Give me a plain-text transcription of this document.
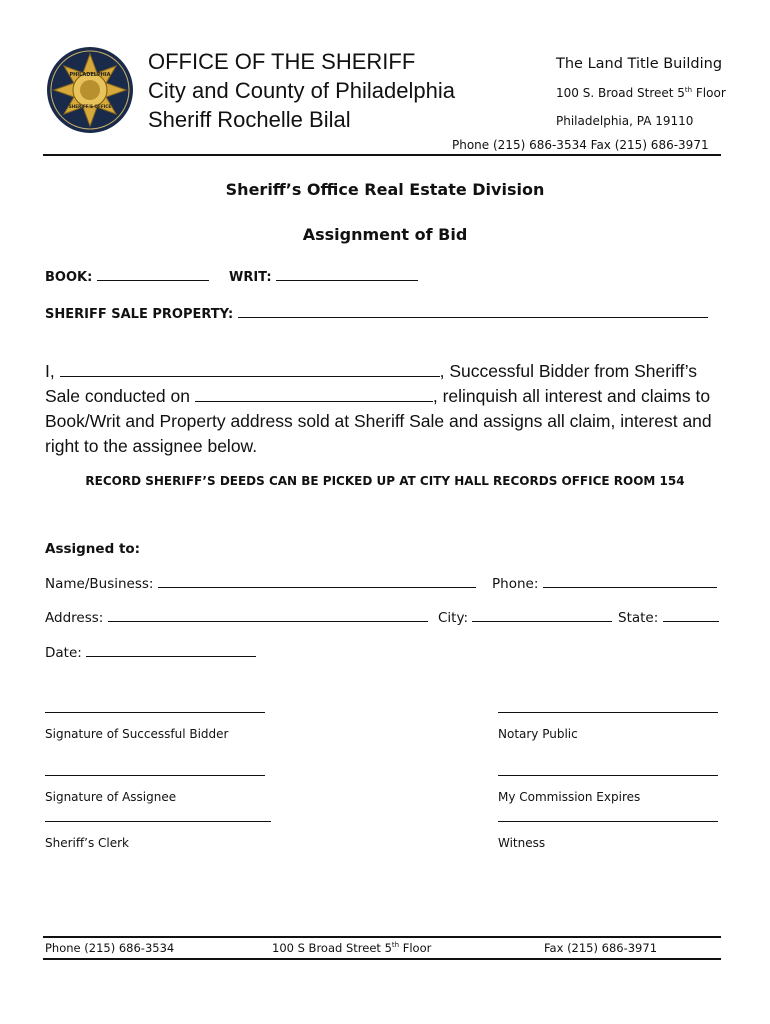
PHILADELPHIA
SHERIFF'S OFFICE
OFFICE OF THE SHERIFF
City and County of Philadelphia
Sheriff Rochelle Bilal
The Land Title Building
100 S. Broad Street 5th Floor
Philadelphia, PA 19110
Phone (215) 686-3534 Fax (215) 686-3971
Sheriff’s Office Real Estate Division
Assignment of Bid
BOOK:	WRIT:
SHERIFF SALE PROPERTY:
I,	, Successful Bidder from Sheriff’s
Sale conducted on	, relinquish all interest and claims to
Book/Writ and Property address sold at Sheriff Sale and assigns all claim, interest and
right to the assignee below.
RECORD SHERIFF’S DEEDS CAN BE PICKED UP AT CITY HALL RECORDS OFFICE ROOM 154
Assigned to:
Name/Business:	Phone:
Address:	City:	State:
Date:
Signature of Successful Bidder	Notary Public
Signature of Assignee	My Commission Expires
Sheriff’s Clerk	Witness
Phone (215) 686-3534	100 S Broad Street 5th Floor	Fax (215) 686-3971
